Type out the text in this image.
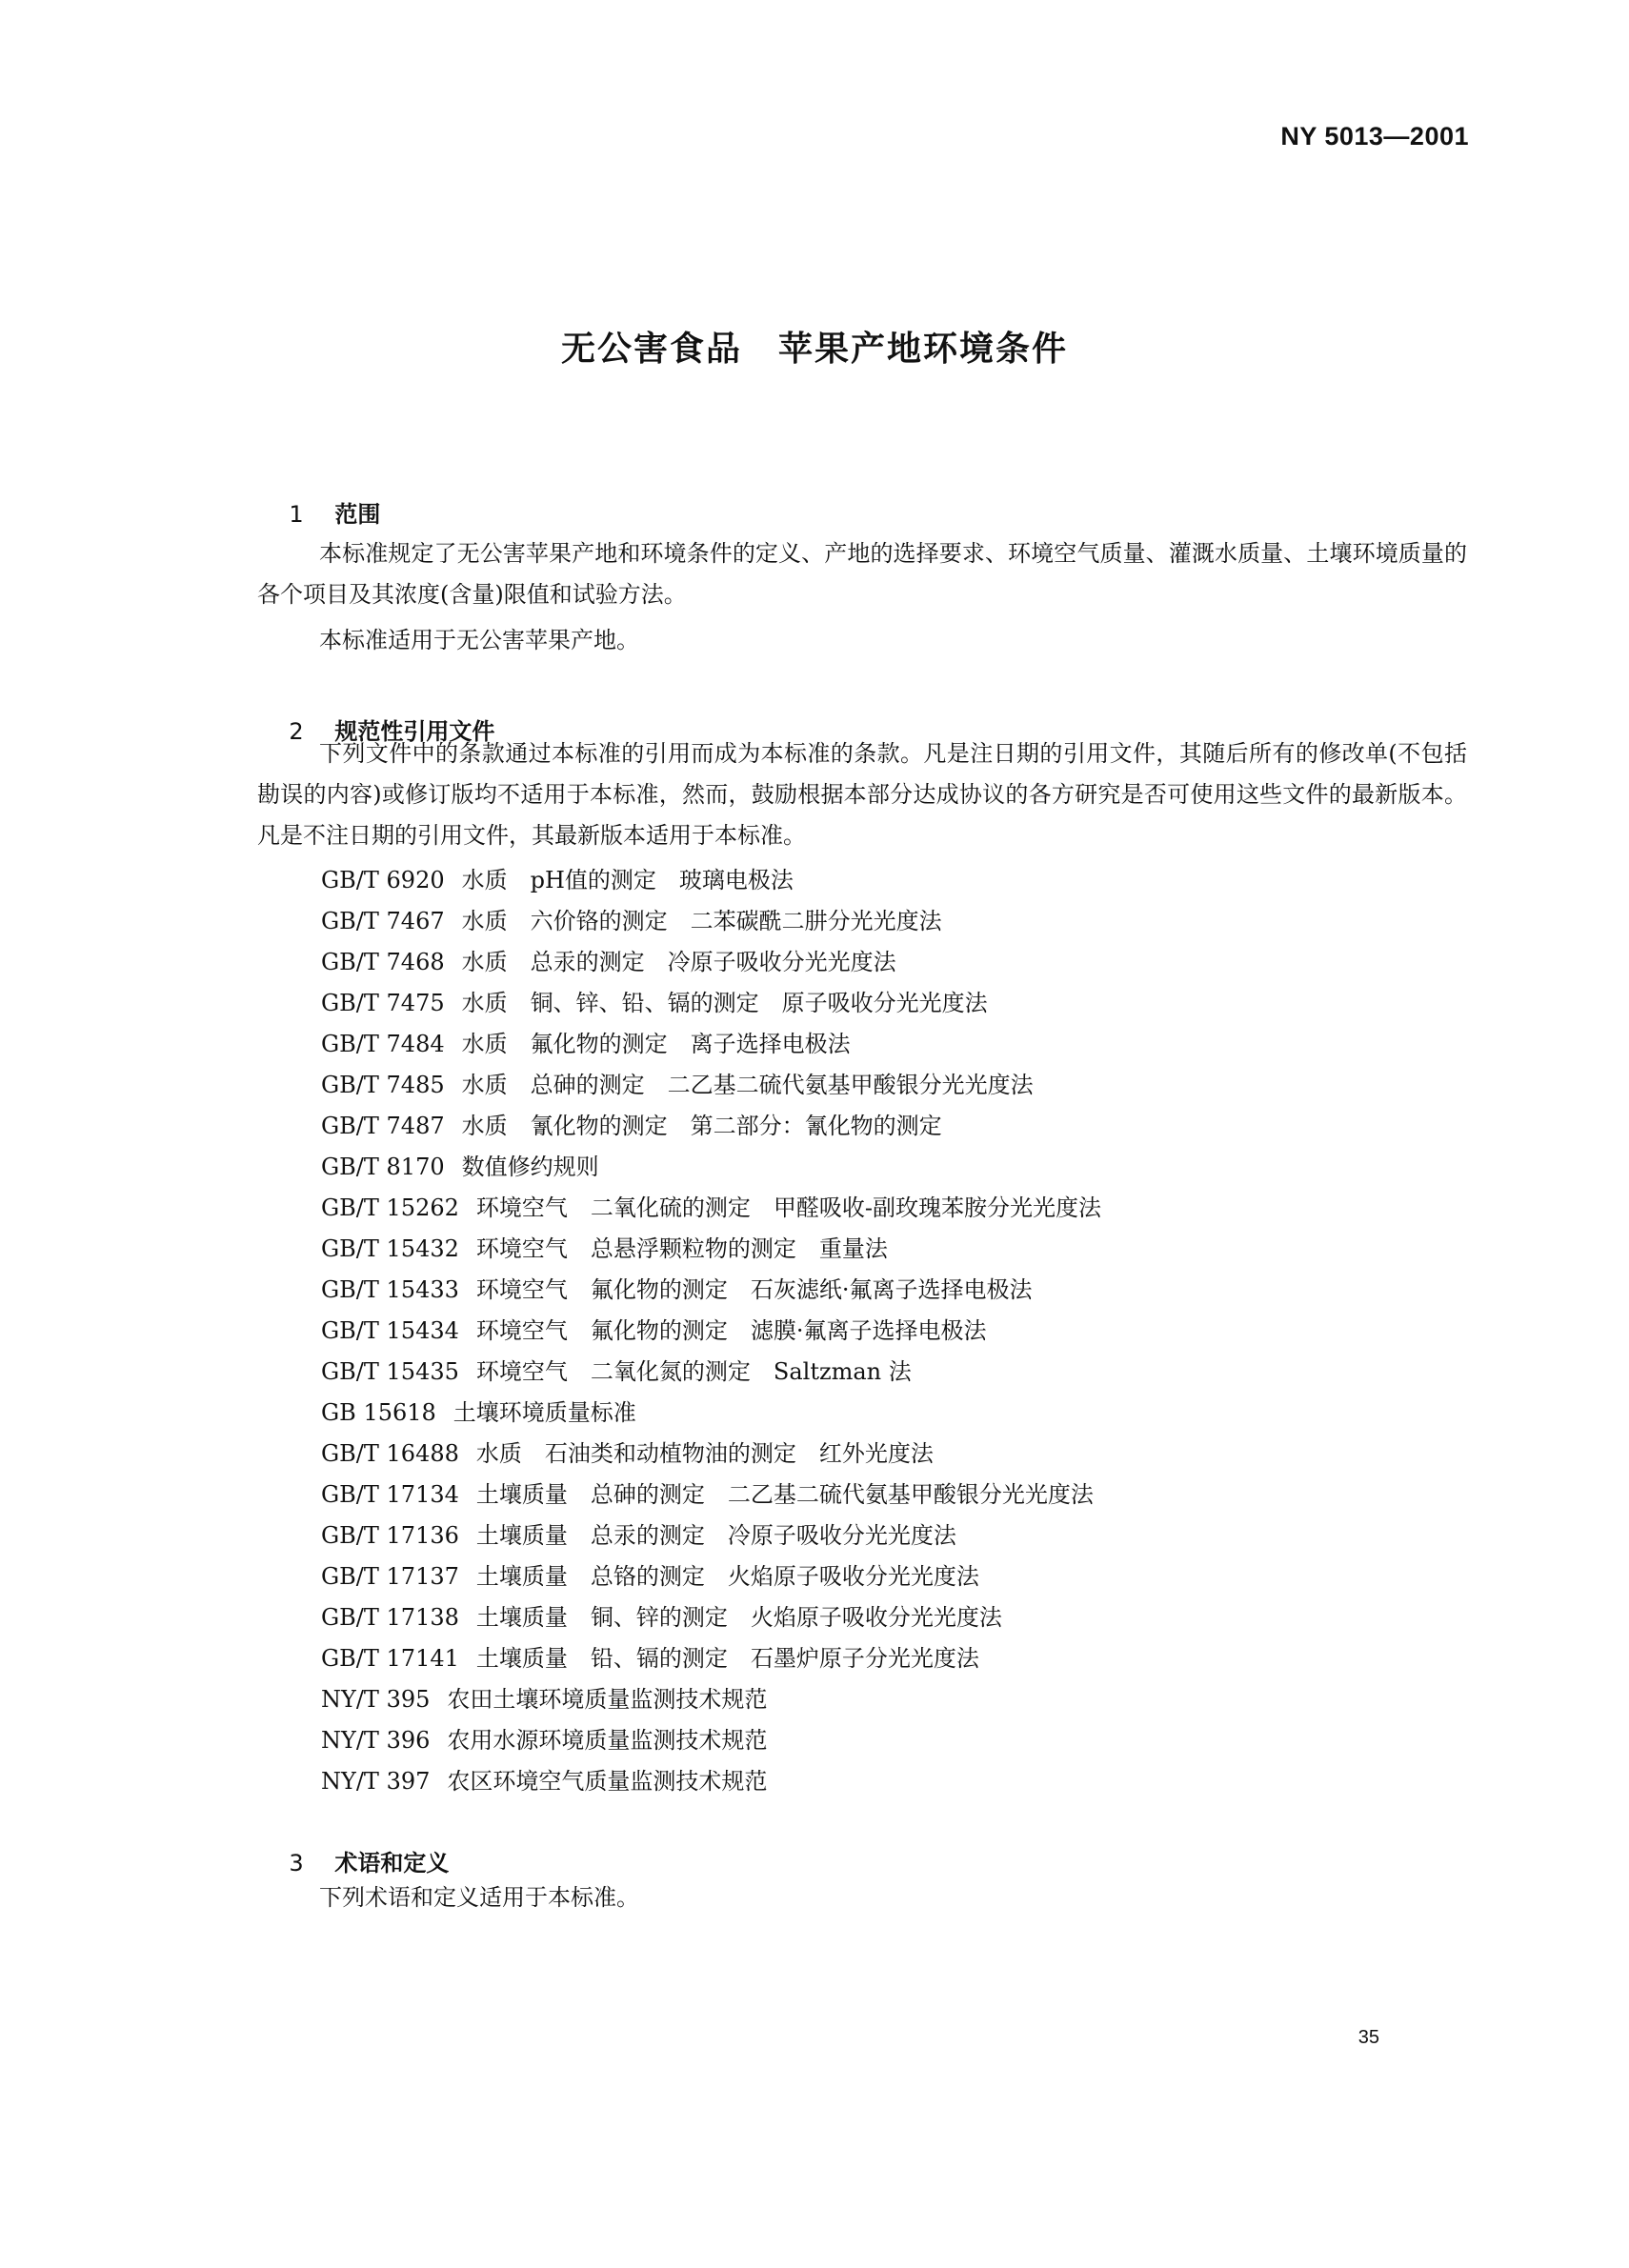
NY 5013—2001
无公害食品　苹果产地环境条件

1 范围

本标准规定了无公害苹果产地和环境条件的定义、产地的选择要求、环境空气质量、灌溉水质量、土壤环境质量的各个项目及其浓度(含量)限值和试验方法。
本标准适用于无公害苹果产地。

2 规范性引用文件

下列文件中的条款通过本标准的引用而成为本标准的条款。凡是注日期的引用文件，其随后所有的修改单(不包括勘误的内容)或修订版均不适用于本标准，然而，鼓励根据本部分达成协议的各方研究是否可使用这些文件的最新版本。凡是不注日期的引用文件，其最新版本适用于本标准。
GB/T 6920 水质　pH值的测定　玻璃电极法
GB/T 7467 水质　六价铬的测定　二苯碳酰二肼分光光度法
GB/T 7468 水质　总汞的测定　冷原子吸收分光光度法
GB/T 7475 水质　铜、锌、铅、镉的测定　原子吸收分光光度法
GB/T 7484 水质　氟化物的测定　离子选择电极法
GB/T 7485 水质　总砷的测定　二乙基二硫代氨基甲酸银分光光度法
GB/T 7487 水质　氰化物的测定　第二部分：氰化物的测定
GB/T 8170 数值修约规则
GB/T 15262 环境空气　二氧化硫的测定　甲醛吸收-副玫瑰苯胺分光光度法
GB/T 15432 环境空气　总悬浮颗粒物的测定　重量法
GB/T 15433 环境空气　氟化物的测定　石灰滤纸·氟离子选择电极法
GB/T 15434 环境空气　氟化物的测定　滤膜·氟离子选择电极法
GB/T 15435 环境空气　二氧化氮的测定　Saltzman 法
GB 15618 土壤环境质量标准
GB/T 16488 水质　石油类和动植物油的测定　红外光度法
GB/T 17134 土壤质量　总砷的测定　二乙基二硫代氨基甲酸银分光光度法
GB/T 17136 土壤质量　总汞的测定　冷原子吸收分光光度法
GB/T 17137 土壤质量　总铬的测定　火焰原子吸收分光光度法
GB/T 17138 土壤质量　铜、锌的测定　火焰原子吸收分光光度法
GB/T 17141 土壤质量　铅、镉的测定　石墨炉原子分光光度法
NY/T 395 农田土壤环境质量监测技术规范
NY/T 396 农用水源环境质量监测技术规范
NY/T 397 农区环境空气质量监测技术规范

3 术语和定义

下列术语和定义适用于本标准。
35
